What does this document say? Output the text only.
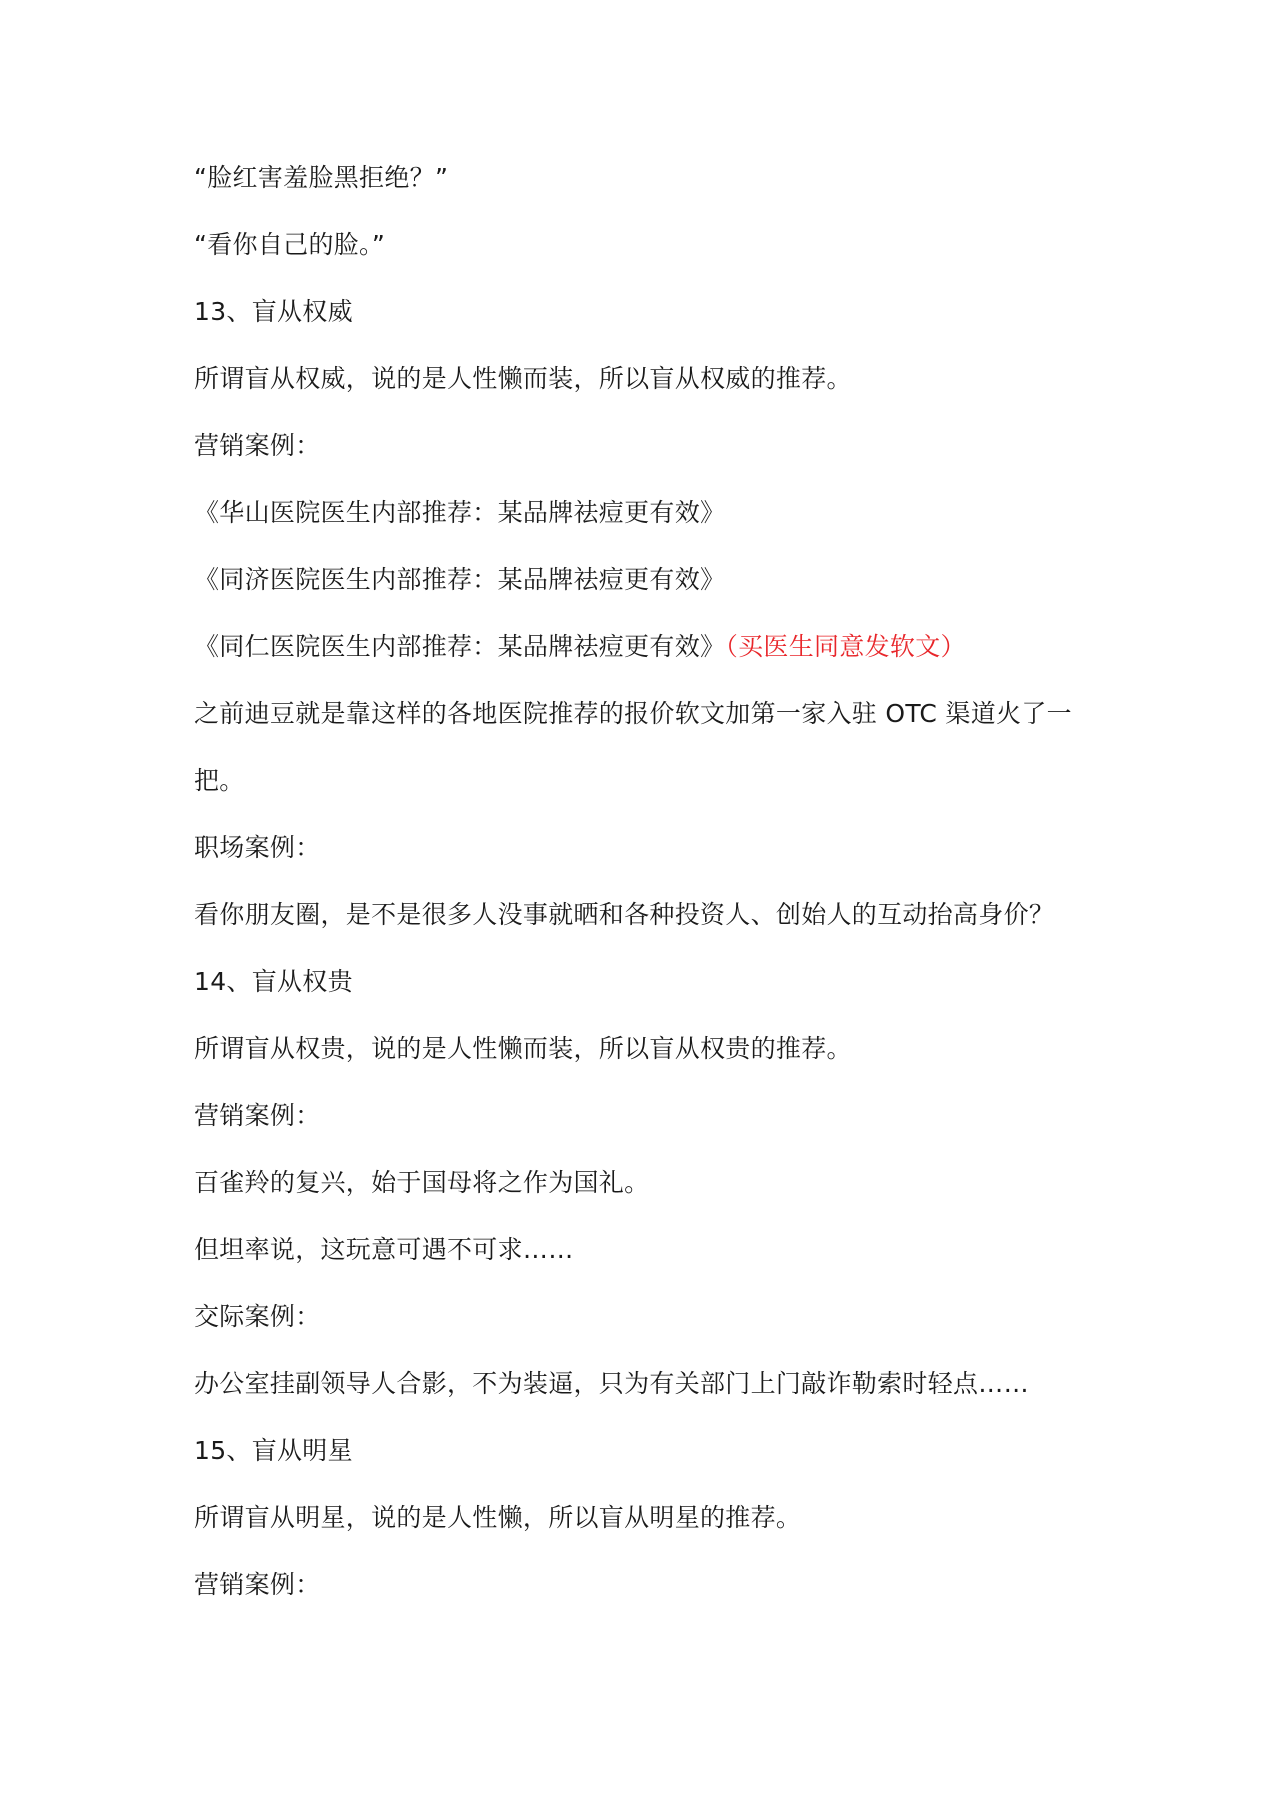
“脸红害羞脸黑拒绝？”
“看你自己的脸。”
13、盲从权威
所谓盲从权威，说的是人性懒而装，所以盲从权威的推荐。
营销案例：
《华山医院医生内部推荐：某品牌祛痘更有效》
《同济医院医生内部推荐：某品牌祛痘更有效》
《同仁医院医生内部推荐：某品牌祛痘更有效》（买医生同意发软文）
之前迪豆就是靠这样的各地医院推荐的报价软文加第一家入驻 OTC 渠道火了一
把。
职场案例：
看你朋友圈，是不是很多人没事就晒和各种投资人、创始人的互动抬高身价？
14、盲从权贵
所谓盲从权贵，说的是人性懒而装，所以盲从权贵的推荐。
营销案例：
百雀羚的复兴，始于国母将之作为国礼。
但坦率说，这玩意可遇不可求……
交际案例：
办公室挂副领导人合影，不为装逼，只为有关部门上门敲诈勒索时轻点……
15、盲从明星
所谓盲从明星，说的是人性懒，所以盲从明星的推荐。
营销案例：
